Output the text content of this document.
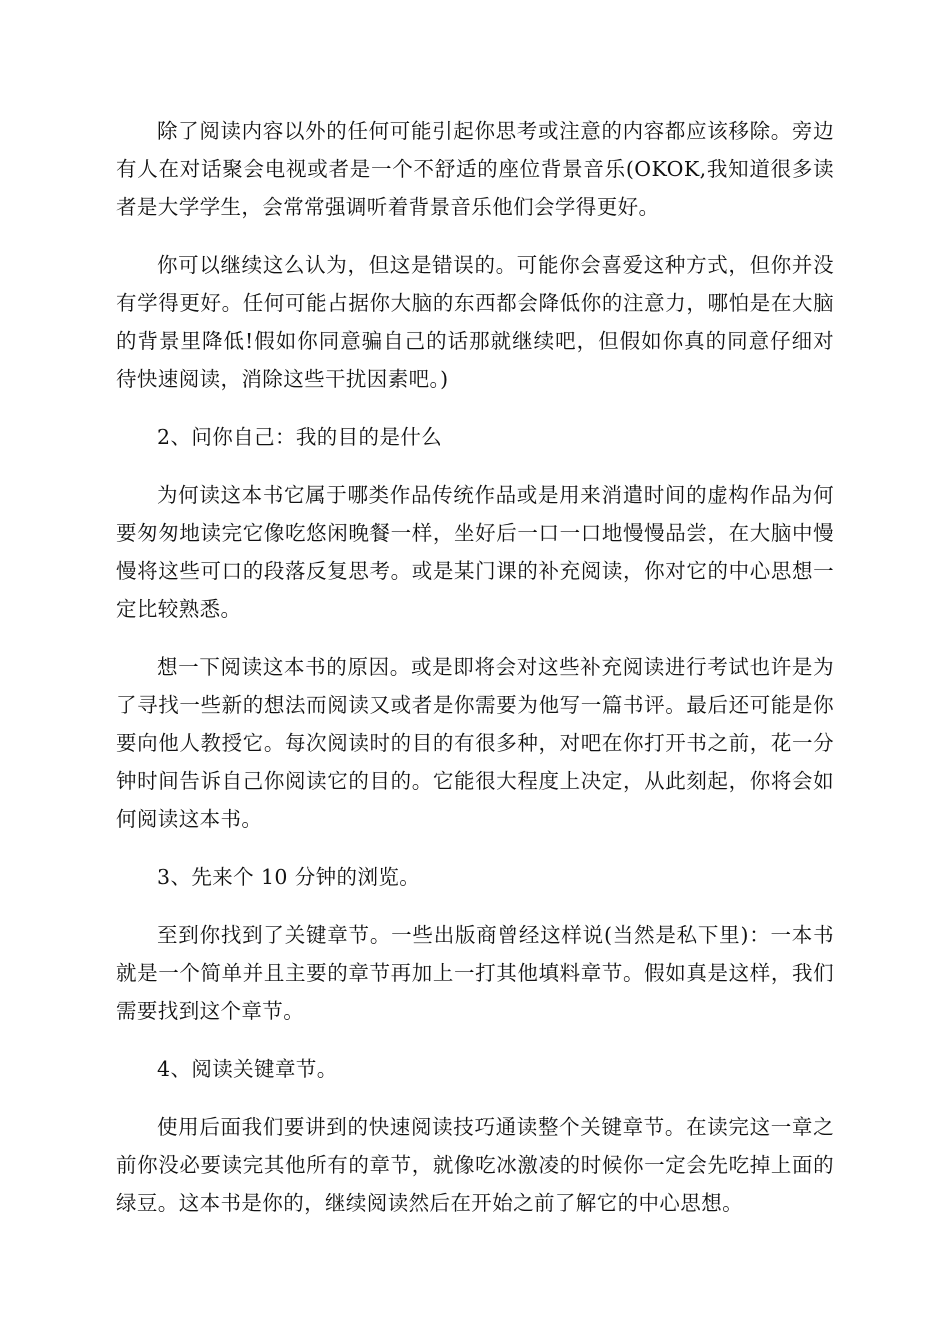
除了阅读内容以外的任何可能引起你思考或注意的内容都应该移除。旁边有人在对话聚会电视或者是一个不舒适的座位背景音乐(OKOK,我知道很多读者是大学学生，会常常强调听着背景音乐他们会学得更好。

你可以继续这么认为，但这是错误的。可能你会喜爱这种方式，但你并没有学得更好。任何可能占据你大脑的东西都会降低你的注意力，哪怕是在大脑的背景里降低!假如你同意骗自己的话那就继续吧，但假如你真的同意仔细对待快速阅读，消除这些干扰因素吧。)

2、问你自己：我的目的是什么

为何读这本书它属于哪类作品传统作品或是用来消遣时间的虚构作品为何要匆匆地读完它像吃悠闲晚餐一样，坐好后一口一口地慢慢品尝，在大脑中慢慢将这些可口的段落反复思考。或是某门课的补充阅读，你对它的中心思想一定比较熟悉。

想一下阅读这本书的原因。或是即将会对这些补充阅读进行考试也许是为了寻找一些新的想法而阅读又或者是你需要为他写一篇书评。最后还可能是你要向他人教授它。每次阅读时的目的有很多种，对吧在你打开书之前，花一分钟时间告诉自己你阅读它的目的。它能很大程度上决定，从此刻起，你将会如何阅读这本书。

3、先来个 10 分钟的浏览。

至到你找到了关键章节。一些出版商曾经这样说(当然是私下里)：一本书就是一个简单并且主要的章节再加上一打其他填料章节。假如真是这样，我们需要找到这个章节。

4、阅读关键章节。

使用后面我们要讲到的快速阅读技巧通读整个关键章节。在读完这一章之前你没必要读完其他所有的章节，就像吃冰激凌的时候你一定会先吃掉上面的绿豆。这本书是你的，继续阅读然后在开始之前了解它的中心思想。
